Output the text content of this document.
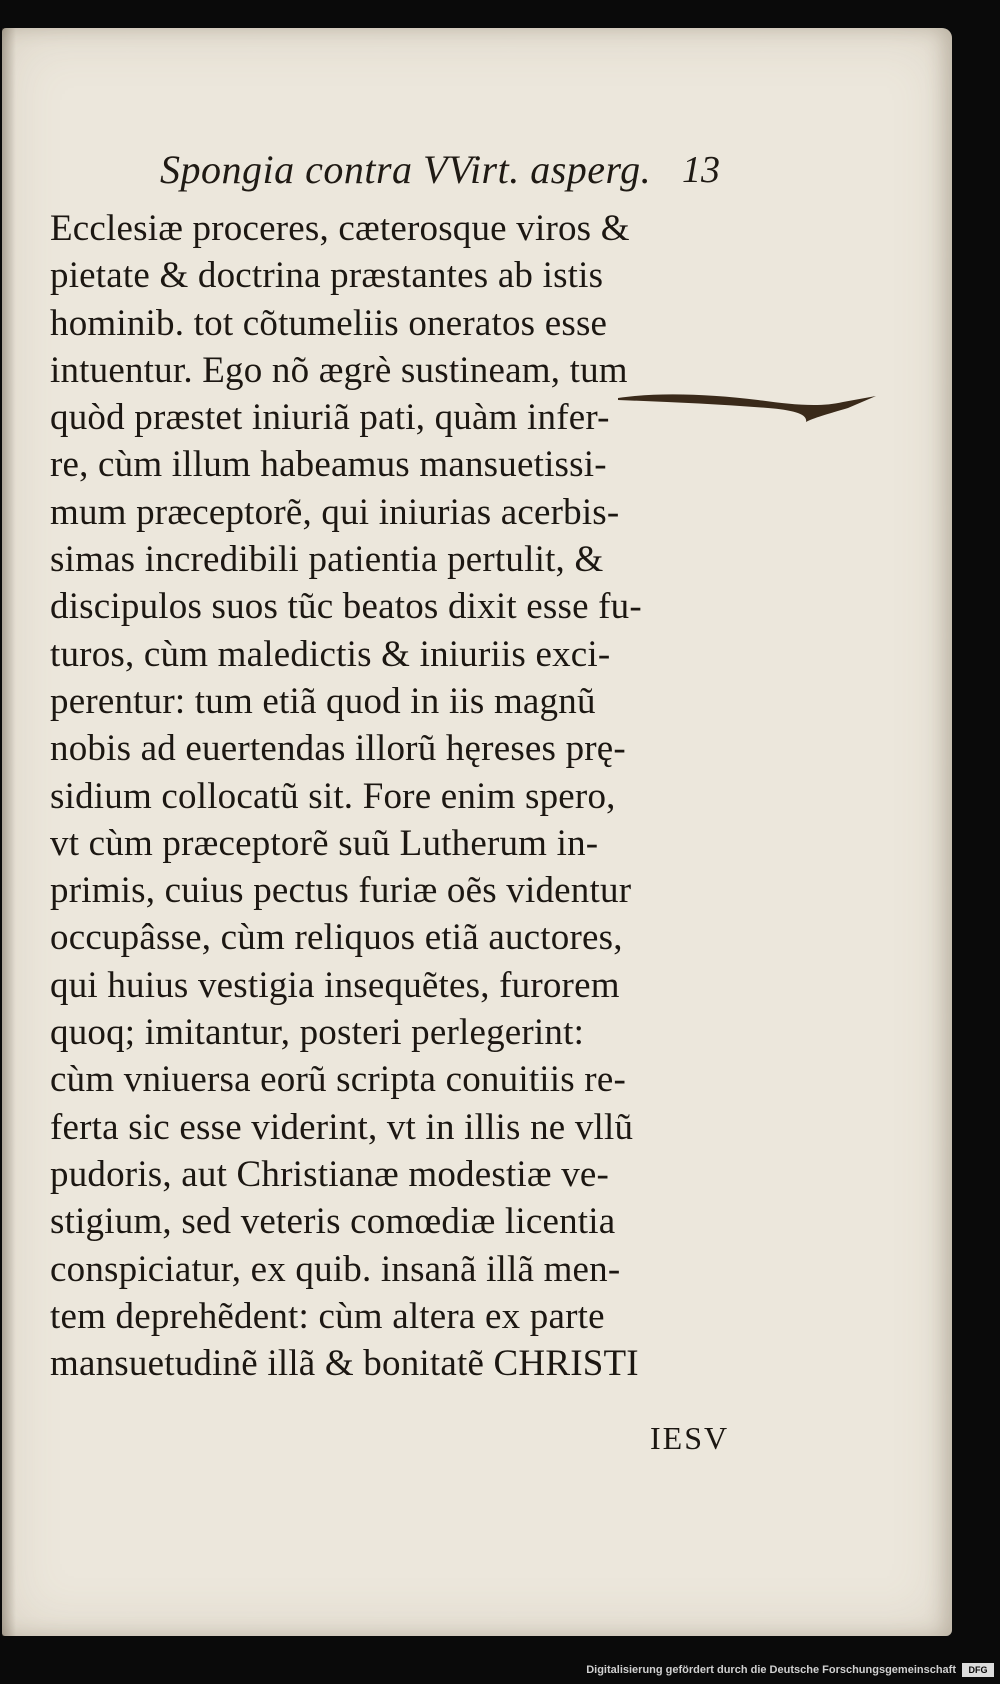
Spongia contra VVirt. asperg. 13
Ecclesiæ proceres, cæterosque viros &
pietate & doctrina præstantes ab istis
hominib. tot cõtumeliis oneratos esse
intuentur. Ego nõ ægrè sustineam, tum
quòd præstet iniuriã pati, quàm infer-
re, cùm illum habeamus mansuetissi-
mum præceptorẽ, qui iniurias acerbis-
simas incredibili patientia pertulit, &
discipulos suos tũc beatos dixit esse fu-
turos, cùm maledictis & iniuriis exci-
perentur: tum etiã quod in iis magnũ
nobis ad euertendas illorũ hęreses prę-
sidium collocatũ sit. Fore enim spero,
vt cùm præceptorẽ suũ Lutherum in-
primis, cuius pectus furiæ oẽs videntur
occupâsse, cùm reliquos etiã auctores,
qui huius vestigia insequẽtes, furorem
quoq; imitantur, posteri perlegerint:
cùm vniuersa eorũ scripta conuitiis re-
ferta sic esse viderint, vt in illis ne vllũ
pudoris, aut Christianæ modestiæ ve-
stigium, sed veteris comœdiæ licentia
conspiciatur, ex quib. insanã illã men-
tem deprehẽdent: cùm altera ex parte
mansuetudinẽ illã & bonitatẽ CHRISTI
IESV
Digitalisierung gefördert durch die Deutsche Forschungsgemeinschaft	DFG
